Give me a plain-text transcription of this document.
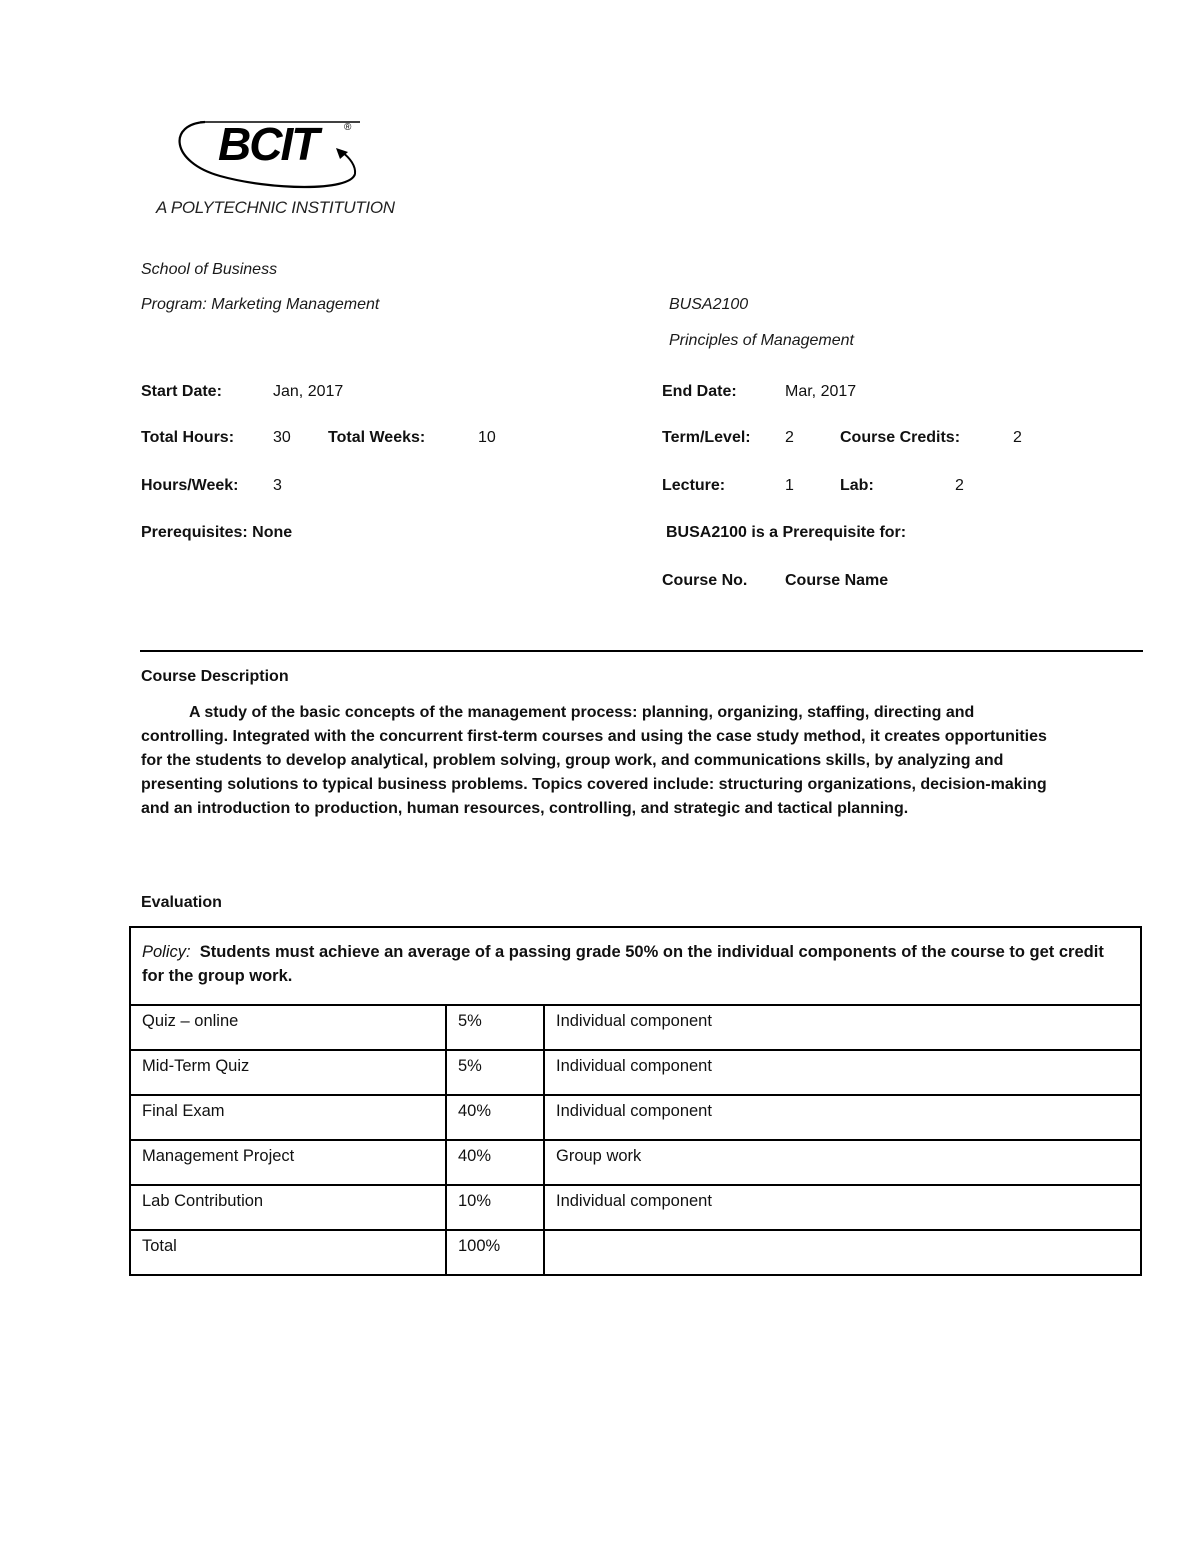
BCIT	®
A POLYTECHNIC INSTITUTION
School of Business
Program: Marketing Management	BUSA2100
Principles of Management
Start Date:	Jan, 2017	End Date:	Mar, 2017
Total Hours: 30 Total Weeks:	10	Term/Level: 2	Course Credits:	2
Hours/Week: 3	Lecture:	1	Lab:	2
Prerequisites: None	BUSA2100 is a Prerequisite for:
Course No. Course Name
Course Description
A study of the basic concepts of the management process: planning, organizing, staffing, directing and controlling. Integrated with the concurrent first-term courses and using the case study method, it creates opportunities for the students to develop analytical, problem solving, group work, and communications skills, by analyzing and presenting solutions to typical business problems. Topics covered include: structuring organizations, decision-making and an introduction to production, human resources, controlling, and strategic and tactical planning.
Evaluation
Policy: Students must achieve an average of a passing grade 50% on the individual components of the course to get credit for the group work.		
Quiz – online	5%	Individual component
Mid-Term Quiz	5%	Individual component
Final Exam	40%	Individual component
Management Project	40%	Group work
Lab Contribution	10%	Individual component
Total	100%	
